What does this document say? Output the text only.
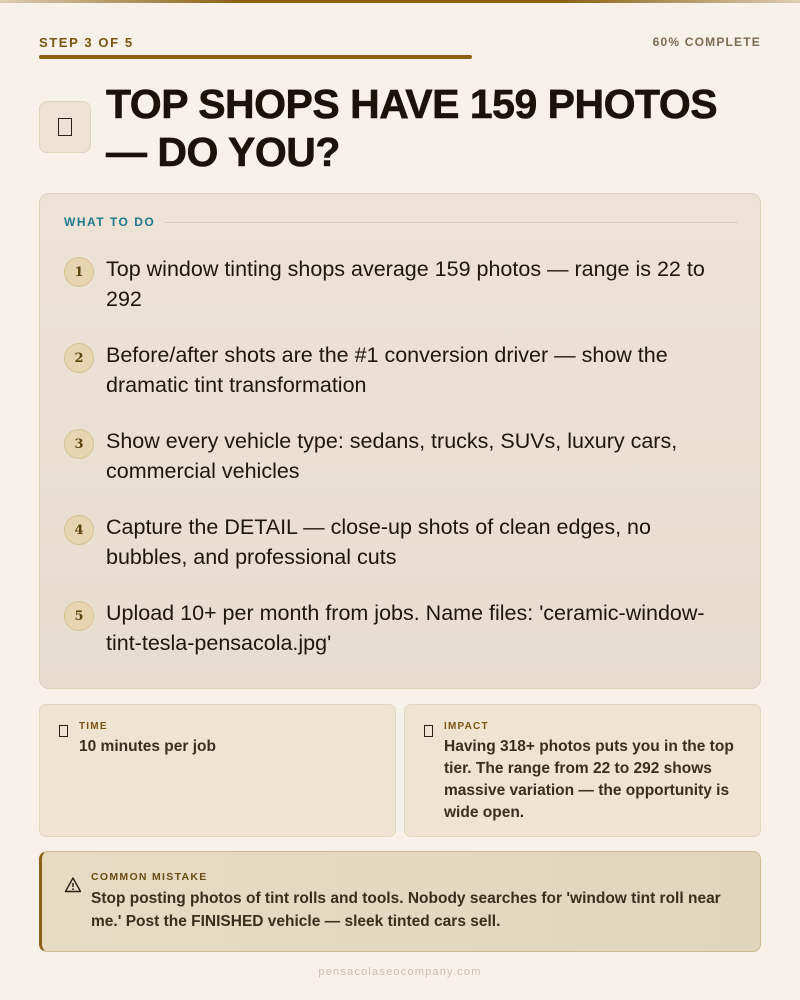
STEP 3 OF 5	60% COMPLETE
TOP SHOPS HAVE 159 PHOTOS — DO YOU?
WHAT TO DO
1	Top window tinting shops average 159 photos — range is 22 to 292
2	Before/after shots are the #1 conversion driver — show the dramatic tint transformation
3	Show every vehicle type: sedans, trucks, SUVs, luxury cars, commercial vehicles
4	Capture the DETAIL — close-up shots of clean edges, no bubbles, and professional cuts
5	Upload 10+ per month from jobs. Name files: 'ceramic-window-tint-tesla-pensacola.jpg'
TIME
10 minutes per job
IMPACT
Having 318+ photos puts you in the top tier. The range from 22 to 292 shows massive variation — the opportunity is wide open.
COMMON MISTAKE
Stop posting photos of tint rolls and tools. Nobody searches for 'window tint roll near me.' Post the FINISHED vehicle — sleek tinted cars sell.
pensacolaseocompany.com
